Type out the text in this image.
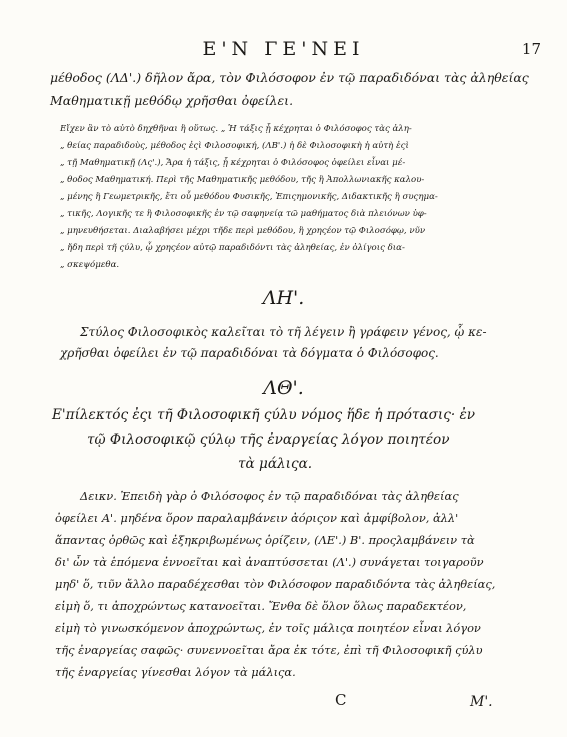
Ε'Ν ΓΕ'ΝΕΙ	17
μέθοδος (ΛΔ'.) δῆλον ἄρα, τὸν Φιλόσοφον ἐν τῷ παραδιδόναι τὰς ἀληθείας
Μαθηματικῇ μεθόδῳ χρῆσθαι ὀφείλει.
Εἴχεν ἂν τὸ αὐτὸ δηχθῆναι ἢ οὕτως. „ Ἡ τάξις ᾗ κέχρηται ὁ Φιλόσοφος τὰς ἀλη-
„ θείας παραδιδοὺς, μέθοδος ἐςὶ Φιλοσοφική, (ΛΒ'.) ἡ δὲ Φιλοσοφικὴ ἡ αὐτὴ ἐςὶ
„ τῇ Μαθηματικῇ (Λς'.), Ἄρα ἡ τάξις, ᾗ κέχρηται ὁ Φιλόσοφος ὀφείλει εἶναι μέ-
„ θοδος Μαθηματική. Περὶ τῆς Μαθηματικῆς μεθόδου, τῆς ἢ Ἀπολλωνιακῆς καλου-
„ μένης ἢ Γεωμετρικῆς, ἔτι οὖ μεθόδου Φυσικῆς, Ἐπιςημονικῆς, Διδακτικῆς ἢ συςημα-
„ τικῆς, Λογικῆς τε ἢ Φιλοσοφικῆς ἐν τῷ σαφηνείᾳ τῶ μαθήματος διὰ πλειόνων ὑφ-
„ μηνευθήσεται. Διαλαβήσει μέχρι τῆδε περὶ μεθόδου, ἣ χρηςέον τῷ Φιλοσόφῳ, νῦν
„ ἤδη περὶ τῆ ςύλυ, ᾧ χρηςέον αὐτῷ παραδιδόντι τὰς ἀληθείας, ἐν ὀλίγοις δια-
„ σκεψόμεθα.
ΛΗ'.
Στύλος Φιλοσοφικὸς καλεῖται τὸ τῆ λέγειν ἢ γράφειν γένος, ᾧ κε-
χρῆσθαι ὀφείλει ἐν τῷ παραδιδόναι τὰ δόγματα ὁ Φιλόσοφος.
ΛΘ'.
Ε'πίλεκτός ἐςι τῆ Φιλοσοφικῆ ςύλυ νόμος ἥδε ἡ πρότασις· ἐν
τῷ Φιλοσοφικῷ ςύλῳ τῆς ἐναργείας λόγον ποιητέον
τὰ μάλιςα.
Δεικν. Ἐπειδὴ γὰρ ὁ Φιλόσοφος ἐν τῷ παραδιδόναι τὰς ἀληθείας
ὀφείλει Α'. μηδένα ὅρον παραλαμβάνειν ἀόριςον καὶ ἀμφίβολον, ἀλλ'
ἅπαντας ὀρθῶς καὶ ἐξηκριβωμένως ὁρίζειν, (ΛΕ'.) Β'. προςλαμβάνειν τὰ
δι' ὧν τὰ ἑπόμενα ἐννοεῖται καὶ ἀναπτύσσεται (Λ'.) συνάγεται τοιγαροῦν
μηδ' ὅ, τιῦν ἄλλο παραδέχεσθαι τὸν Φιλόσοφον παραδιδόντα τὰς ἀληθείας,
εἰμὴ ὅ, τι ἀποχρώντως κατανοεῖται. Ἔνθα δὲ ὅλον ὅλως παραδεκτέον,
εἰμὴ τὸ γινωσκόμενον ἀποχρώντως, ἐν τοῖς μάλιςα ποιητέον εἶναι λόγον
τῆς ἐναργείας σαφῶς· συνεννοεῖται ἄρα ἐκ τότε, ἐπὶ τῆ Φιλοσοφικῆ ςύλυ
τῆς ἐναργείας γίνεσθαι λόγον τὰ μάλιςα.
C	Μ'.
